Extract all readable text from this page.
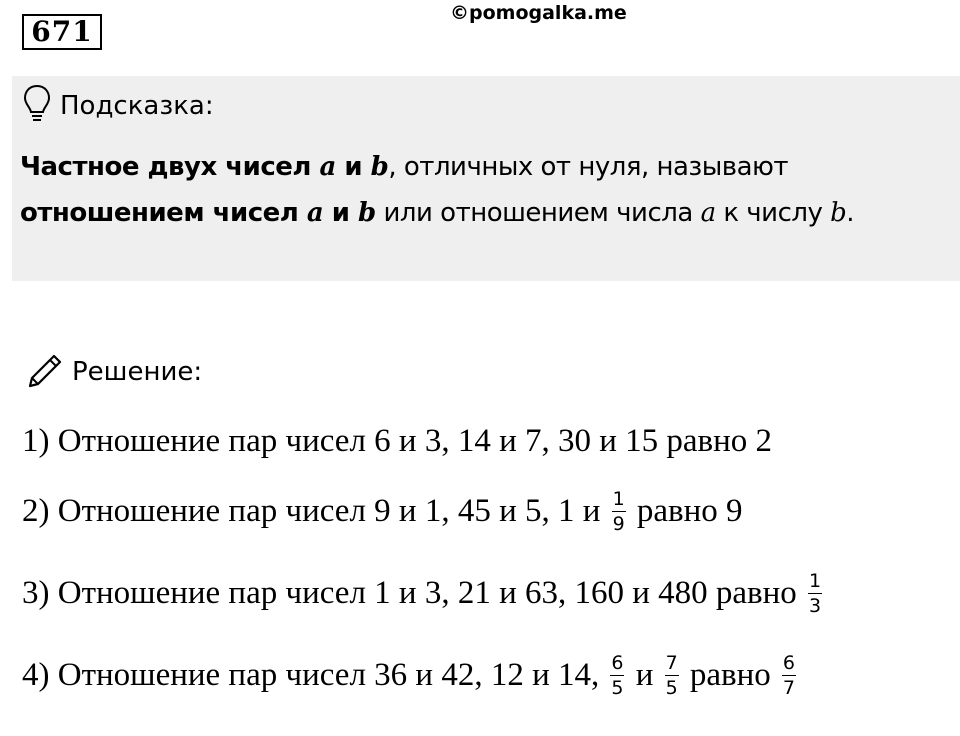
671
©pomogalka.me
Подсказка:
Частное двух чисел a и b, отличных от нуля, называют
отношением чисел a и b или отношением числа a к числу b.
Решение:
1) Отношение пар чисел 6 и 3, 14 и 7, 30 и 15 равно 2
2) Отношение пар чисел 9 и 1, 45 и 5, 1 и $\frac{1}{9}$ равно 9
3) Отношение пар чисел 1 и 3, 21 и 63, 160 и 480 равно $\frac{1}{3}$
4) Отношение пар чисел 36 и 42, 12 и 14, $\frac{6}{5}$ и $\frac{7}{5}$ равно $\frac{6}{7}$
